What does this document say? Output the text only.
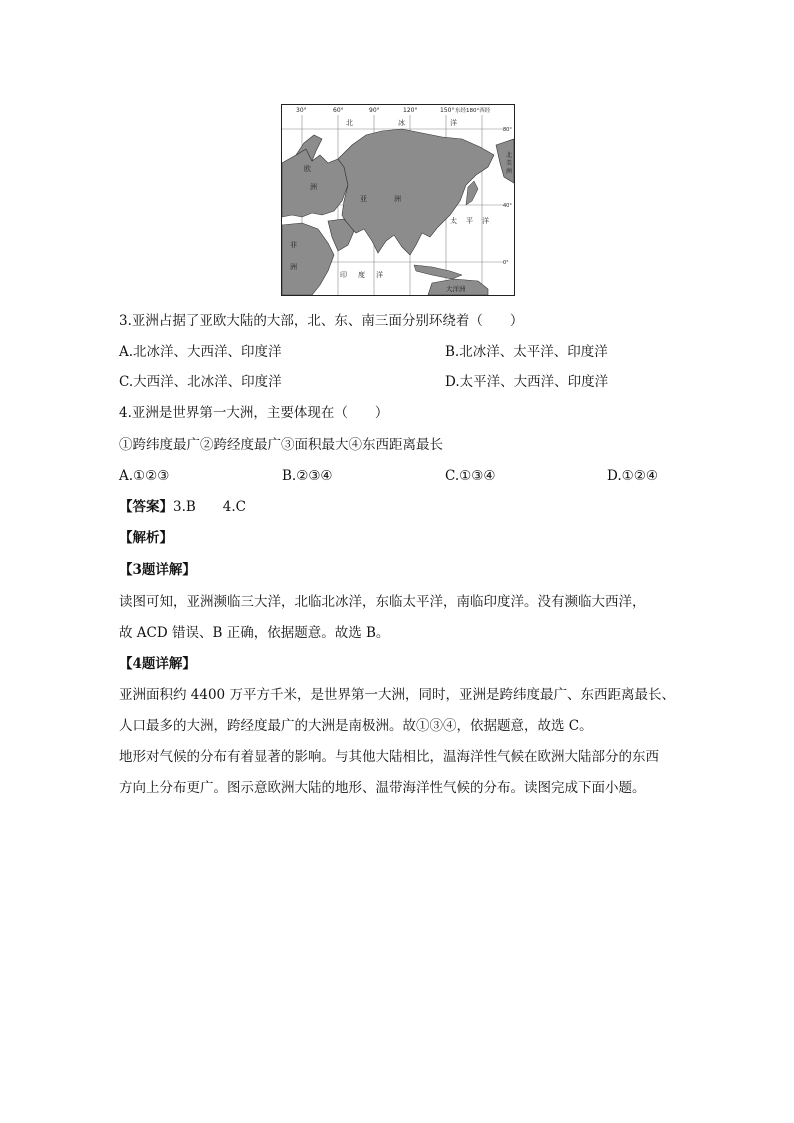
30°	60°	90°	120°	150° 东经180°西经
80°
40°
0°
北	冰	洋
太 平 洋
印 度 洋
大洋洲
北
美
洲
欧
洲
亚	洲
非
洲
3.亚洲占据了亚欧大陆的大部，北、东、南三面分别环绕着（　　）
A.北冰洋、大西洋、印度洋	B.北冰洋、太平洋、印度洋
C.大西洋、北冰洋、印度洋	D.太平洋、大西洋、印度洋
4.亚洲是世界第一大洲，主要体现在（　　）
①跨纬度最广②跨经度最广③面积最大④东西距离最长
A.①②③	B.②③④	C.①③④	D.①②④
【答案】3.B　　4.C
【解析】
【3题详解】
读图可知，亚洲濒临三大洋，北临北冰洋，东临太平洋，南临印度洋。没有濒临大西洋，
故 ACD 错误、B 正确，依据题意。故选 B。
【4题详解】
亚洲面积约 4400 万平方千米，是世界第一大洲，同时，亚洲是跨纬度最广、东西距离最长、
人口最多的大洲，跨经度最广的大洲是南极洲。故①③④，依据题意，故选 C。
地形对气候的分布有着显著的影响。与其他大陆相比，温海洋性气候在欧洲大陆部分的东西
方向上分布更广。图示意欧洲大陆的地形、温带海洋性气候的分布。读图完成下面小题。
